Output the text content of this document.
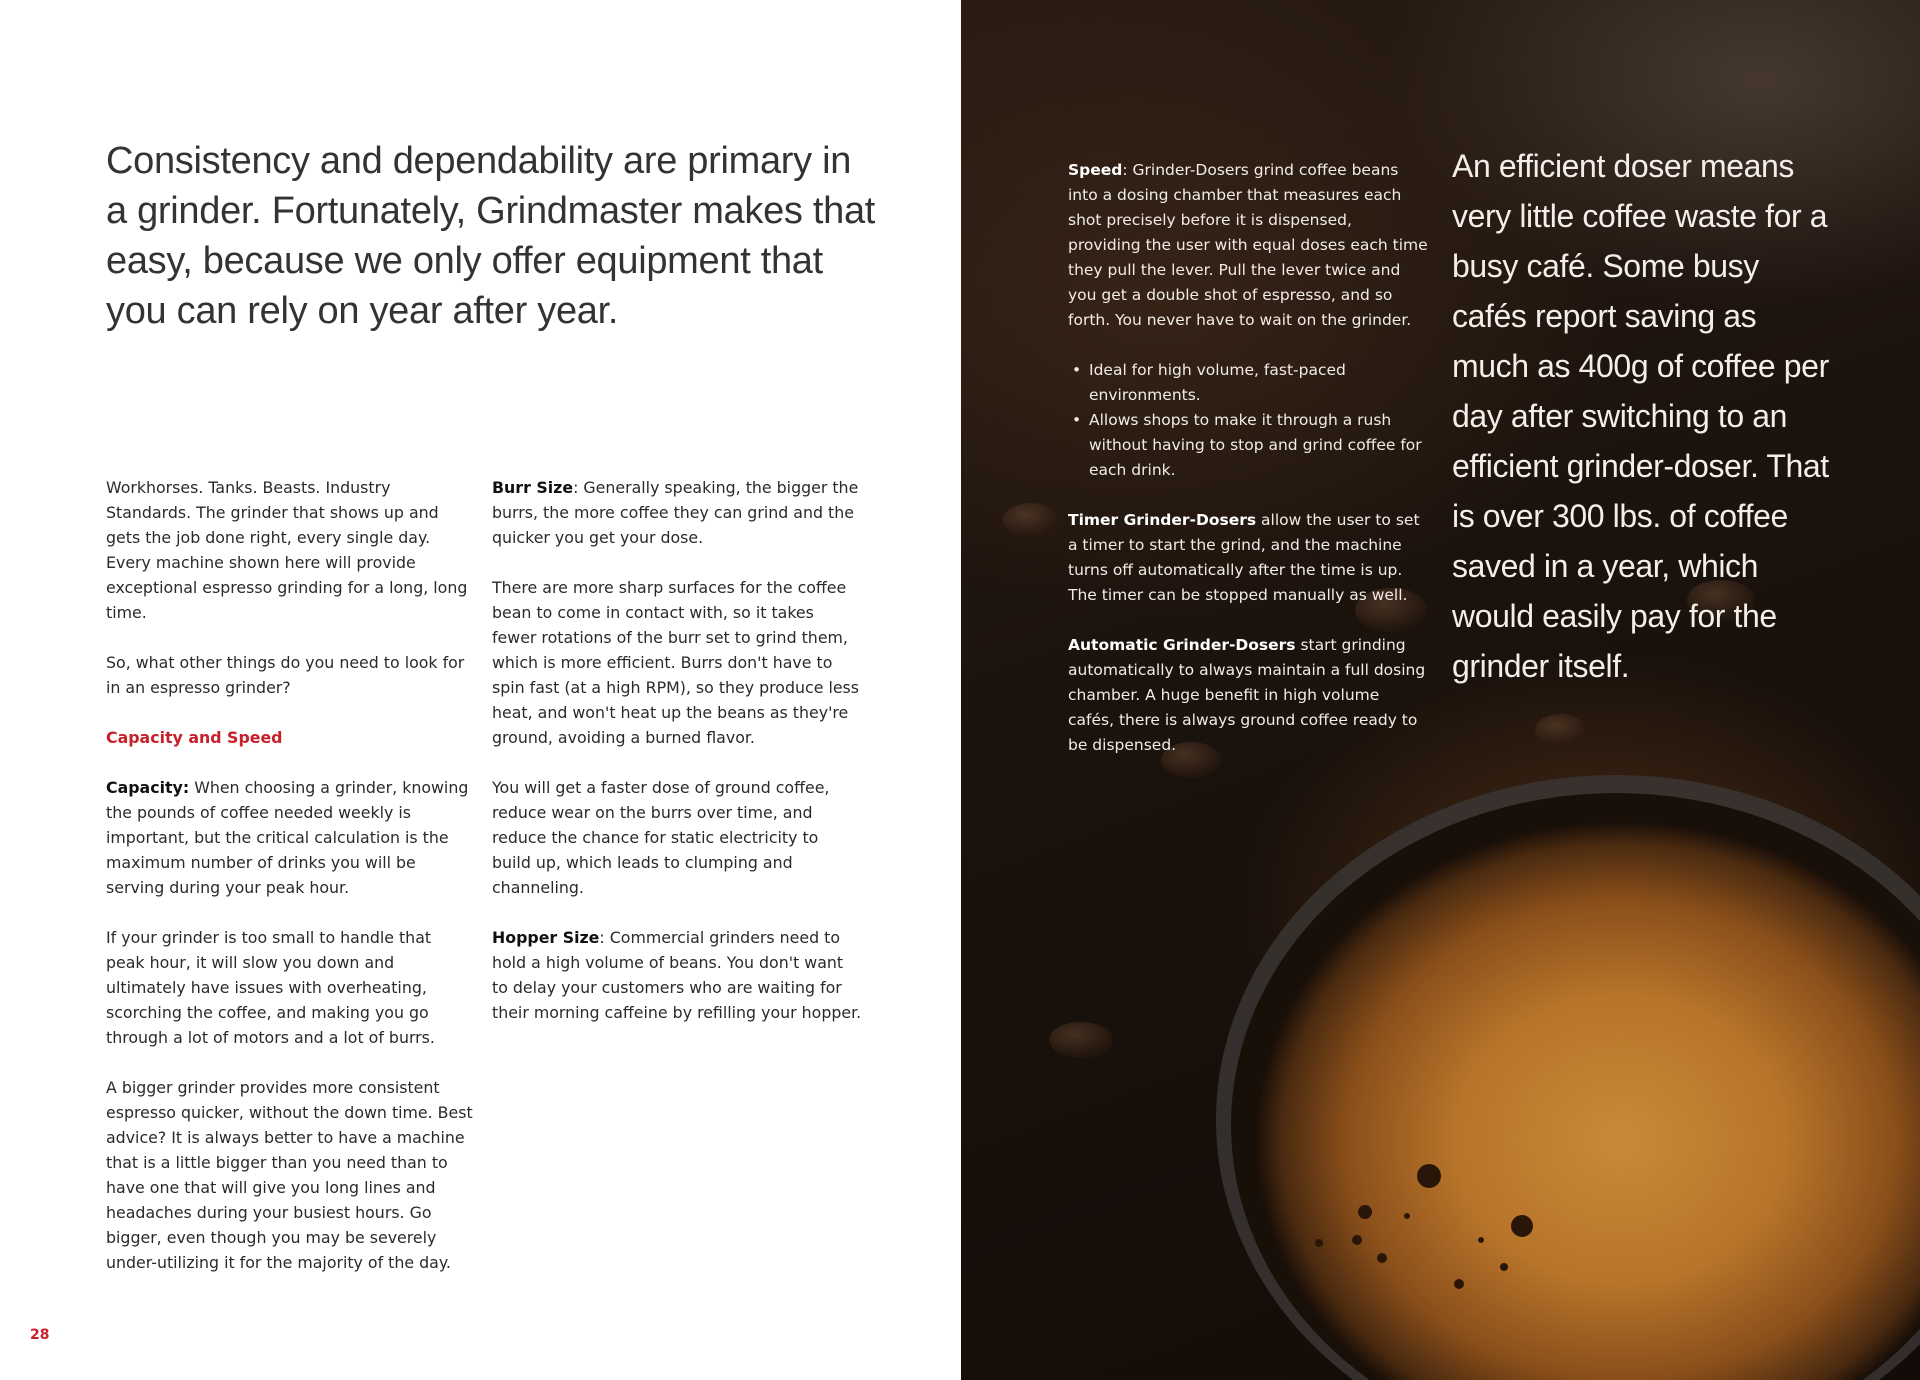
Consistency and dependability are primary in a grinder. Fortunately, Grindmaster makes that easy, because we only offer equipment that you can rely on year after year.

Workhorses. Tanks. Beasts. Industry Standards. The grinder that shows up and gets the job done right, every single day. Every machine shown here will provide exceptional espresso grinding for a long, long time.

So, what other things do you need to look for in an espresso grinder?

Capacity and Speed

Capacity: When choosing a grinder, knowing the pounds of coffee needed weekly is important, but the critical calculation is the maximum number of drinks you will be serving during your peak hour.

If your grinder is too small to handle that peak hour, it will slow you down and ultimately have issues with overheating, scorching the coffee, and making you go through a lot of motors and a lot of burrs.

A bigger grinder provides more consistent espresso quicker, without the down time. Best advice? It is always better to have a machine that is a little bigger than you need than to have one that will give you long lines and headaches during your busiest hours. Go bigger, even though you may be severely under-utilizing it for the majority of the day.

Burr Size: Generally speaking, the bigger the burrs, the more coffee they can grind and the quicker you get your dose.

There are more sharp surfaces for the coffee bean to come in contact with, so it takes fewer rotations of the burr set to grind them, which is more efficient. Burrs don't have to spin fast (at a high RPM), so they produce less heat, and won't heat up the beans as they're ground, avoiding a burned flavor.

You will get a faster dose of ground coffee, reduce wear on the burrs over time, and reduce the chance for static electricity to build up, which leads to clumping and channeling.

Hopper Size: Commercial grinders need to hold a high volume of beans. You don't want to delay your customers who are waiting for their morning caffeine by refilling your hopper.

28

Speed: Grinder-Dosers grind coffee beans into a dosing chamber that measures each shot precisely before it is dispensed, providing the user with equal doses each time they pull the lever. Pull the lever twice and you get a double shot of espresso, and so forth. You never have to wait on the grinder.

• Ideal for high volume, fast-paced environments.
• Allows shops to make it through a rush without having to stop and grind coffee for each drink.

Timer Grinder-Dosers allow the user to set a timer to start the grind, and the machine turns off automatically after the time is up. The timer can be stopped manually as well.

Automatic Grinder-Dosers start grinding automatically to always maintain a full dosing chamber. A huge benefit in high volume cafés, there is always ground coffee ready to be dispensed.

An efficient doser means very little coffee waste for a busy café. Some busy cafés report saving as much as 400g of coffee per day after switching to an efficient grinder-doser. That is over 300 lbs. of coffee saved in a year, which would easily pay for the grinder itself.
